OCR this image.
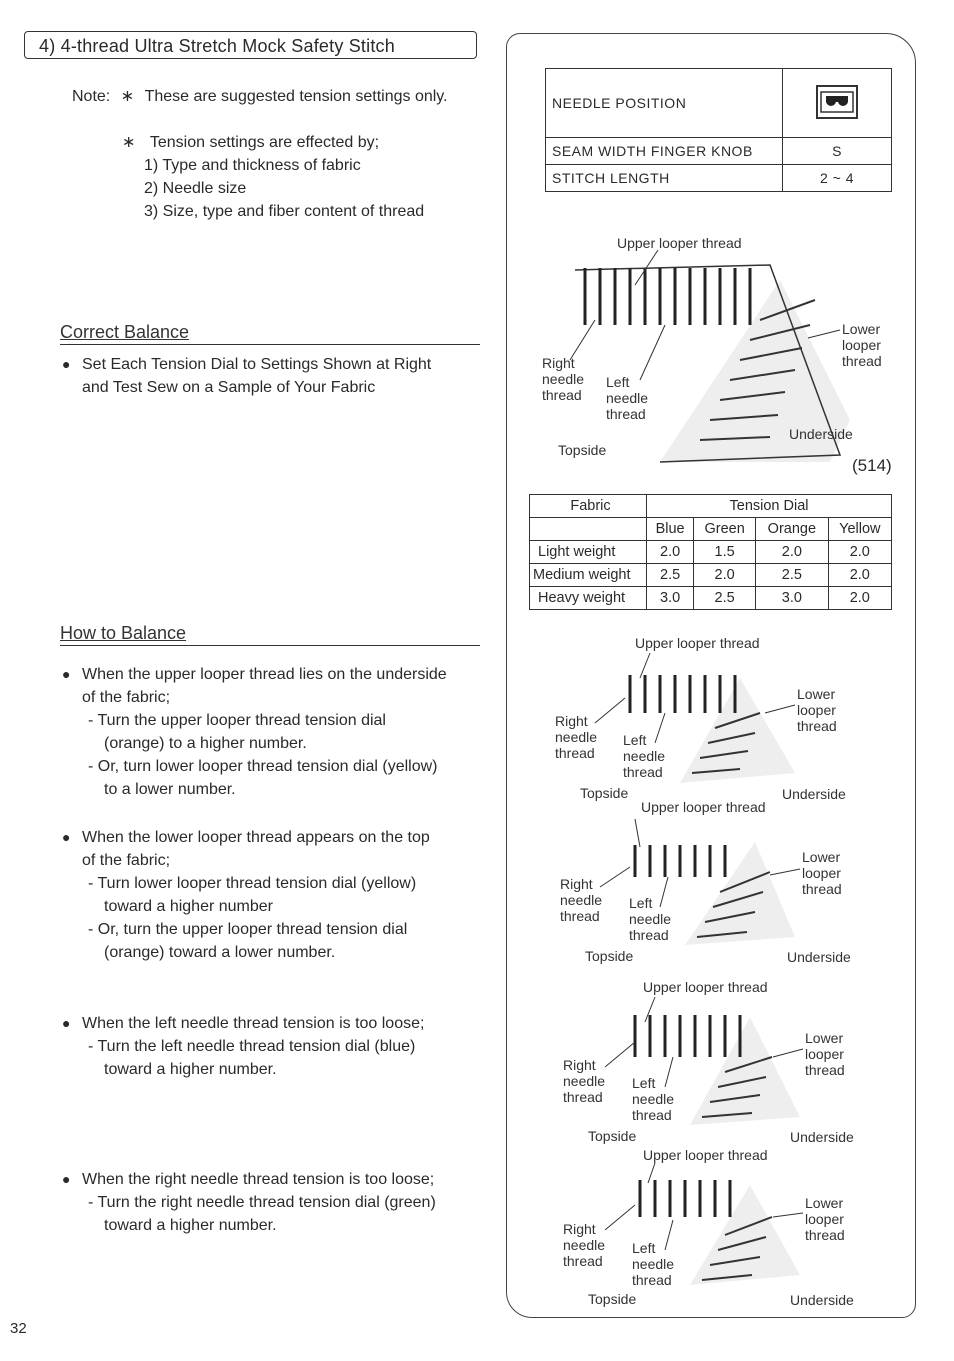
4) 4-thread Ultra Stretch Mock Safety Stitch
Note: ∗ These are suggested tension settings only.
∗ Tension settings are effected by;
1) Type and thickness of fabric
2) Needle size
3) Size, type and fiber content of thread
Correct Balance
● Set Each Tension Dial to Settings Shown at Right
and Test Sew on a Sample of Your Fabric
How to Balance
● When the upper looper thread lies on the underside
of the fabric;
- Turn the upper looper thread tension dial
(orange) to a higher number.
- Or, turn lower looper thread tension dial (yellow)
to a lower number.
● When the lower looper thread appears on the top
of the fabric;
- Turn lower looper thread tension dial (yellow)
toward a higher number
- Or, turn the upper looper thread tension dial
(orange) toward a lower number.
● When the left needle thread tension is too loose;
- Turn the left needle thread tension dial (blue)
toward a higher number.
● When the right needle thread tension is too loose;
- Turn the right needle thread tension dial (green)
toward a higher number.
NEEDLE POSITION	
SEAM WIDTH FINGER KNOB	S
STITCH LENGTH	2 ~ 4
Upper looper thread
Lower
looper
thread
Right
needle
thread
Left
needle
thread
Topside
Underside
(514)
Fabric	Tension Dial			
	Blue	Green	Orange	Yellow
Light weight	2.0	1.5	2.0	2.0
Medium weight	2.5	2.0	2.5	2.0
Heavy weight	3.0	2.5	3.0	2.0
Upper looper thread
Lower
looper
thread
Right
needle
thread
Left
needle
thread
Topside	Underside
Upper looper thread
Lower
looper
thread
Right
needle
thread
Left
needle
thread
Topside	Underside
Upper looper thread
Lower
looper
thread
Right
needle
thread
Left
needle
thread
Topside	Underside
Upper looper thread
Lower
looper
thread
Right
needle
thread
Left
needle
thread
Topside	Underside
32
